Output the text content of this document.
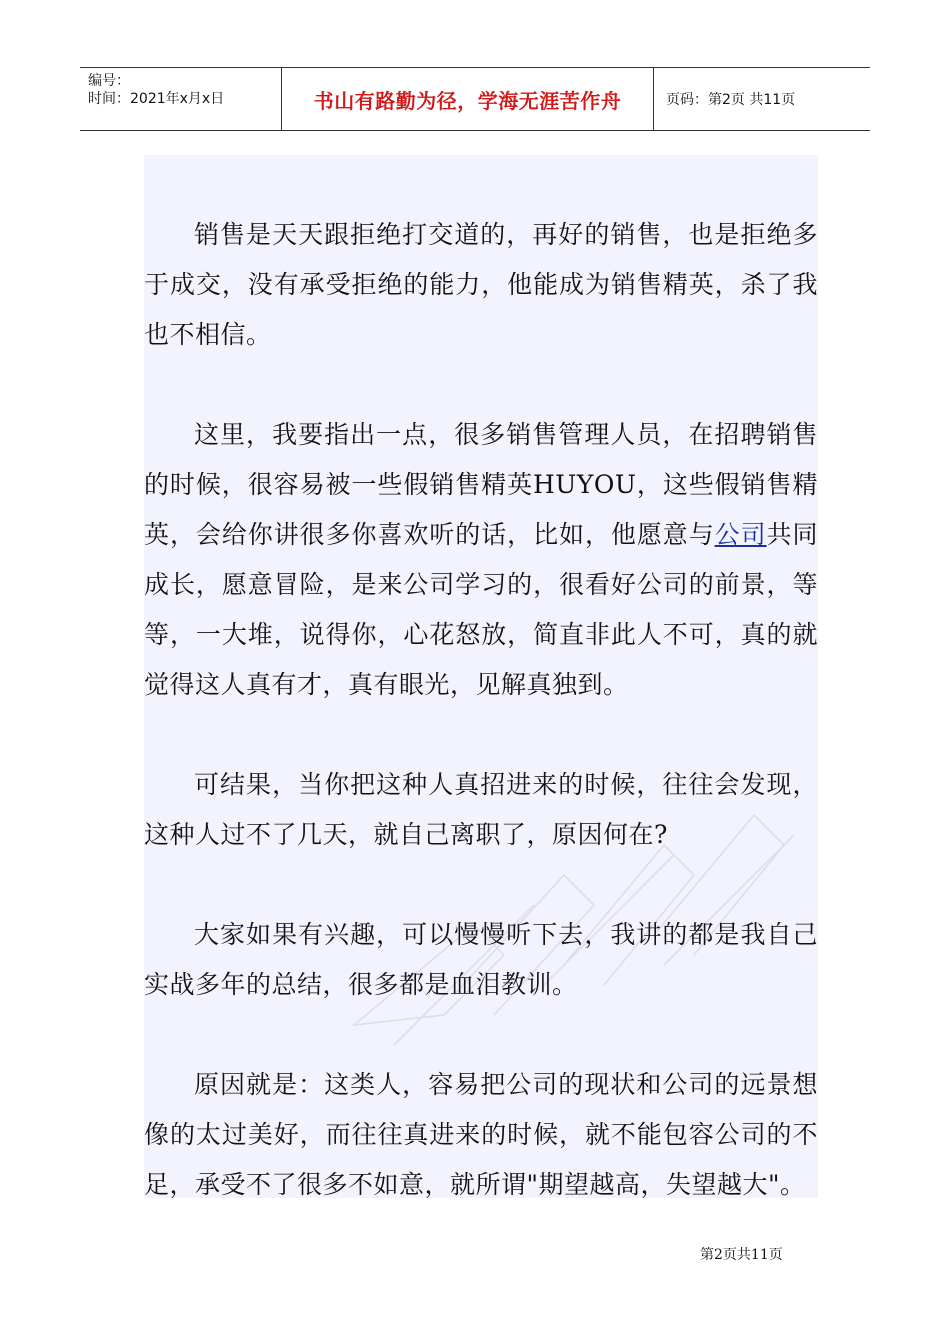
编号：
时间：2021年x月x日	书山有路勤为径，学海无涯苦作舟	页码：第2页 共11页

销售是天天跟拒绝打交道的，再好的销售，也是拒绝多于成交，没有承受拒绝的能力，他能成为销售精英，杀了我也不相信。

这里，我要指出一点，很多销售管理人员，在招聘销售的时候，很容易被一些假销售精英HUYOU，这些假销售精英，会给你讲很多你喜欢听的话，比如，他愿意与公司共同成长，愿意冒险，是来公司学习的，很看好公司的前景，等等，一大堆，说得你，心花怒放，简直非此人不可，真的就觉得这人真有才，真有眼光，见解真独到。

可结果，当你把这种人真招进来的时候，往往会发现，这种人过不了几天，就自己离职了，原因何在?

大家如果有兴趣，可以慢慢听下去，我讲的都是我自己实战多年的总结，很多都是血泪教训。

原因就是：这类人，容易把公司的现状和公司的远景想像的太过美好，而往往真进来的时候，就不能包容公司的不足，承受不了很多不如意，就所谓"期望越高，失望越大"。

第2页共11页
